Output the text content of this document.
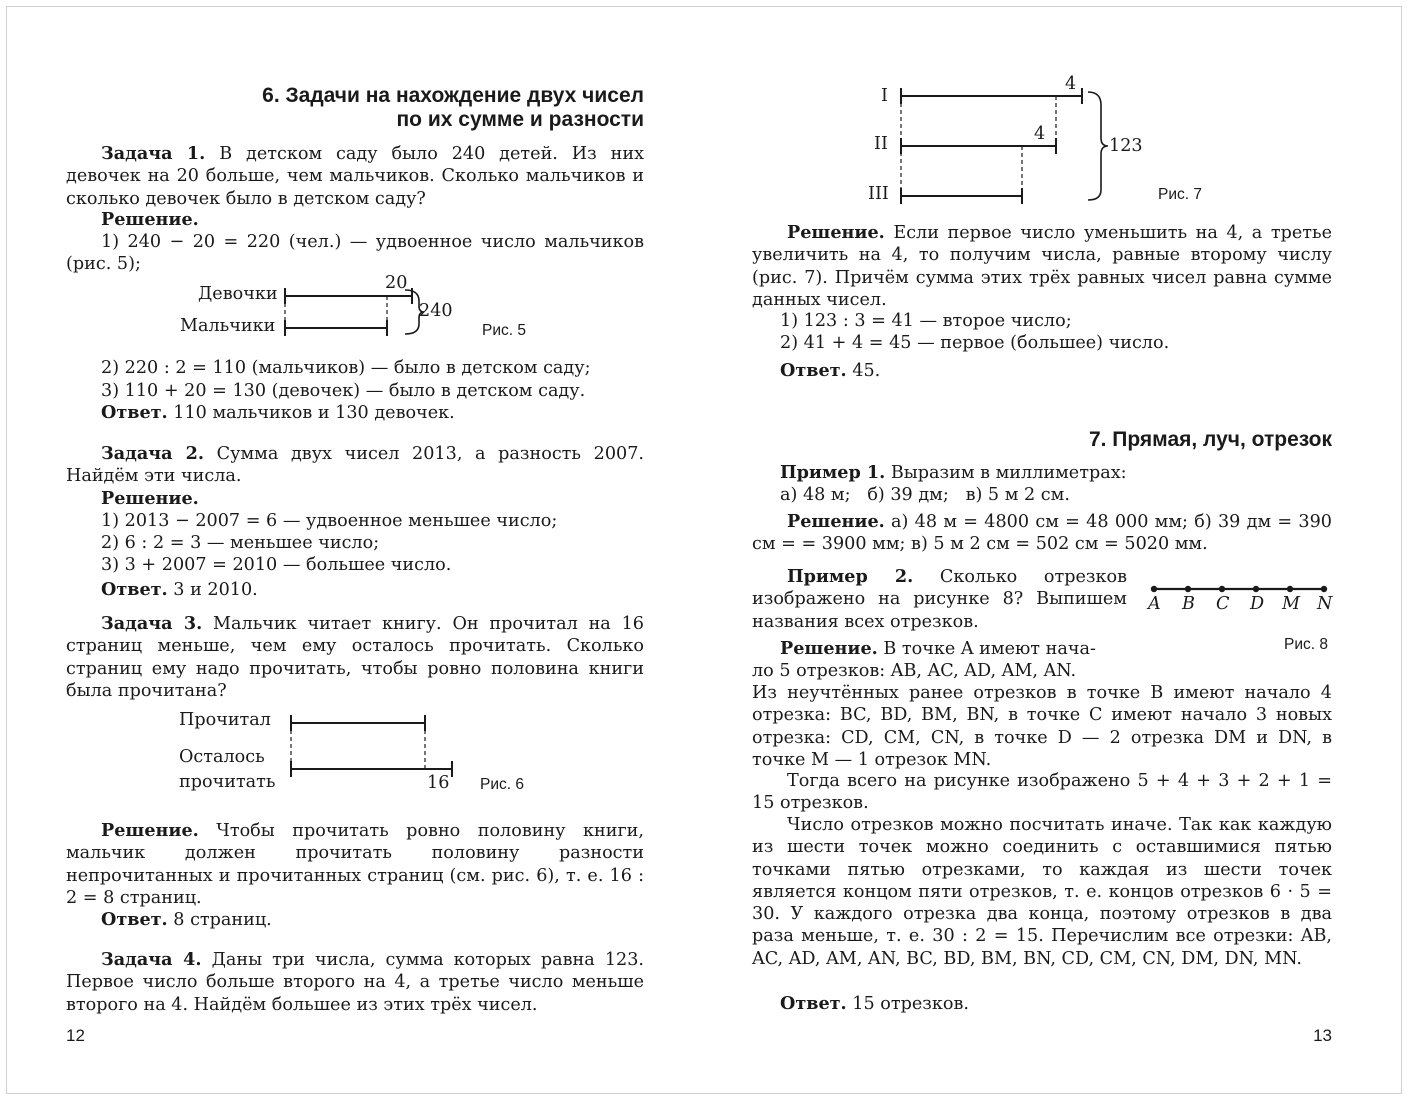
6. Задачи на нахождение двух чисел
по их сумме и разности

Задача 1. В детском саду было 240 детей. Из них девочек на 20 больше, чем мальчиков. Сколько мальчиков и сколько девочек было в детском саду?

Решение.

1) 240 − 20 = 220 (чел.) — удвоенное число мальчиков (рис. 5);

Девочки
Мальчики
20
240
Рис. 5

2) 220 : 2 = 110 (мальчиков) — было в детском саду;

3) 110 + 20 = 130 (девочек) — было в детском саду.

Ответ. 110 мальчиков и 130 девочек.

Задача 2. Сумма двух чисел 2013, а разность 2007. Найдём эти числа.

Решение.
1) 2013 − 2007 = 6 — удвоенное меньшее число;
2) 6 : 2 = 3 — меньшее число;
3) 3 + 2007 = 2010 — большее число.
Ответ. 3 и 2010.

Задача 3. Мальчик читает книгу. Он прочитал на 16 страниц меньше, чем ему осталось прочитать. Сколько страниц ему надо прочитать, чтобы ровно половина книги была прочитана?

Прочитал
Осталось
прочитать	16 Рис. 6

Решение. Чтобы прочитать ровно половину книги, мальчик должен прочитать половину разности непрочитанных и прочитанных страниц (см. рис. 6), т. е. 16 : 2 = 8 страниц.

Ответ. 8 страниц.

Задача 4. Даны три числа, сумма которых равна 123. Первое число больше второго на 4, а третье число меньше второго на 4. Найдём большее из этих трёх чисел.

12
I
II
III
4
4
123
Рис. 7

Решение. Если первое число уменьшить на 4, а третье увеличить на 4, то получим числа, равные второму числу (рис. 7). Причём сумма этих трёх равных чисел равна сумме данных чисел.

1) 123 : 3 = 41 — второе число;
2) 41 + 4 = 45 — первое (большее) число.
Ответ. 45.
7. Прямая, луч, отрезок
Пример 1. Выразим в миллиметрах:
а) 48 м;   б) 39 дм;   в) 5 м 2 см.

Решение. а) 48 м = 4800 см = 48 000 мм; б) 39 дм = 390 см = = 3900 мм; в) 5 м 2 см = 502 см = 5020 мм.

Пример 2. Сколько отрезков изображено на рисунке 8? Выпишем названия всех отрезков.

A B C D M N
Рис. 8
Решение. В точке A имеют нача-
ло 5 отрезков: AB, AC, AD, AM, AN.

Из неучтённых ранее отрезков в точке B имеют начало 4 отрезка: BC, BD, BM, BN, в точке C имеют начало 3 новых отрезка: CD, CM, CN, в точке D — 2 отрезка DM и DN, в точке M — 1 отрезок MN.

Тогда всего на рисунке изображено 5 + 4 + 3 + 2 + 1 = 15 отрезков.

Число отрезков можно посчитать иначе. Так как каждую из шести точек можно соединить с оставшимися пятью точками пятью отрезками, то каждая из шести точек является концом пяти отрезков, т. е. концов отрезков 6 · 5 = 30. У каждого отрезка два конца, поэтому отрезков в два раза меньше, т. е. 30 : 2 = 15. Перечислим все отрезки: AB, AC, AD, AM, AN, BC, BD, BM, BN, CD, CM, CN, DM, DN, MN.

Ответ. 15 отрезков.
13
